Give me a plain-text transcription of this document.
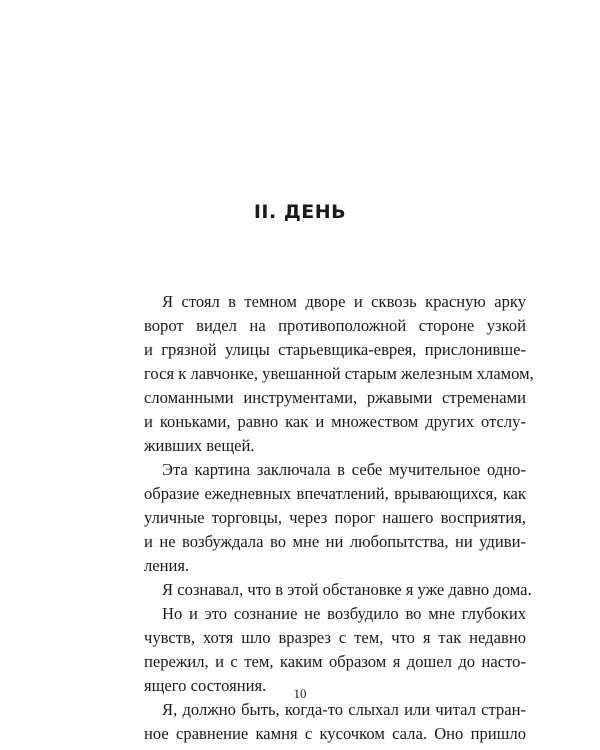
II. ДЕНЬ

Я стоял в темном дворе и сквозь красную арку
ворот видел на противоположной стороне узкой
и грязной улицы старьевщика-еврея, прислонивше-
гося к лавчонке, увешанной старым железным хламом,
сломанными инструментами, ржавыми стременами
и коньками, равно как и множеством других отслу-
живших вещей.

Эта картина заключала в себе мучительное одно-
образие ежедневных впечатлений, врывающихся, как
уличные торговцы, через порог нашего восприятия,
и не возбуждала во мне ни любопытства, ни удиви-
ления.

Я сознавал, что в этой обстановке я уже давно дома.

Но и это сознание не возбудило во мне глубоких
чувств, хотя шло вразрез с тем, что я так недавно
пережил, и с тем, каким образом я дошел до насто-
ящего состояния.

Я, должно быть, когда-то слыхал или читал стран-
ное сравнение камня с кусочком сала. Оно пришло

10
